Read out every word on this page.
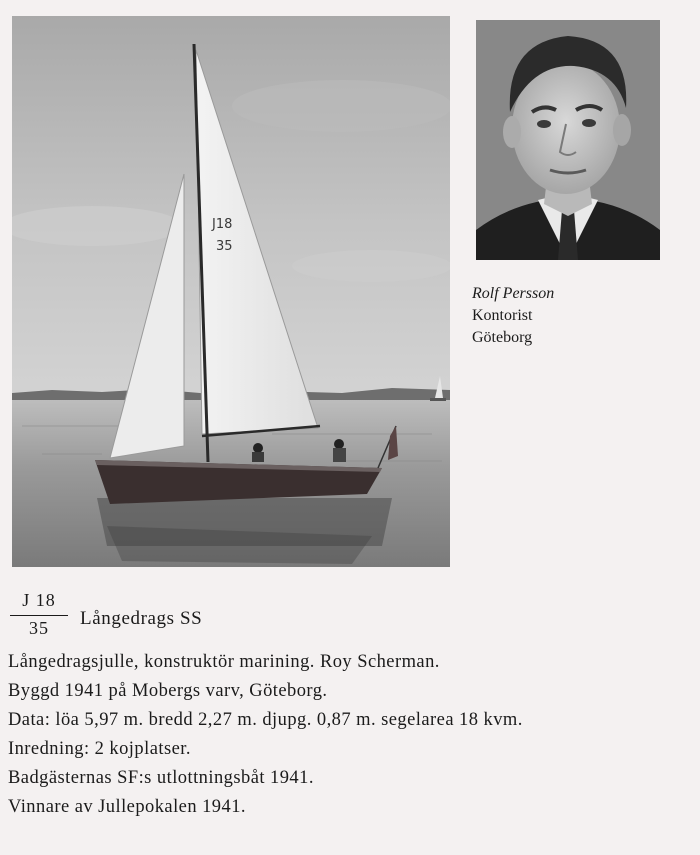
J18
35
Rolf Persson
Kontorist
Göteborg
J 18
35	Långedrags SS
Långedragsjulle, konstruktör marining. Roy Scherman.
Byggd 1941 på Mobergs varv, Göteborg.
Data: löa 5,97 m. bredd 2,27 m. djupg. 0,87 m. segelarea 18 kvm.
Inredning: 2 kojplatser.
Badgästernas SF:s utlottningsbåt 1941.
Vinnare av Jullepokalen 1941.
